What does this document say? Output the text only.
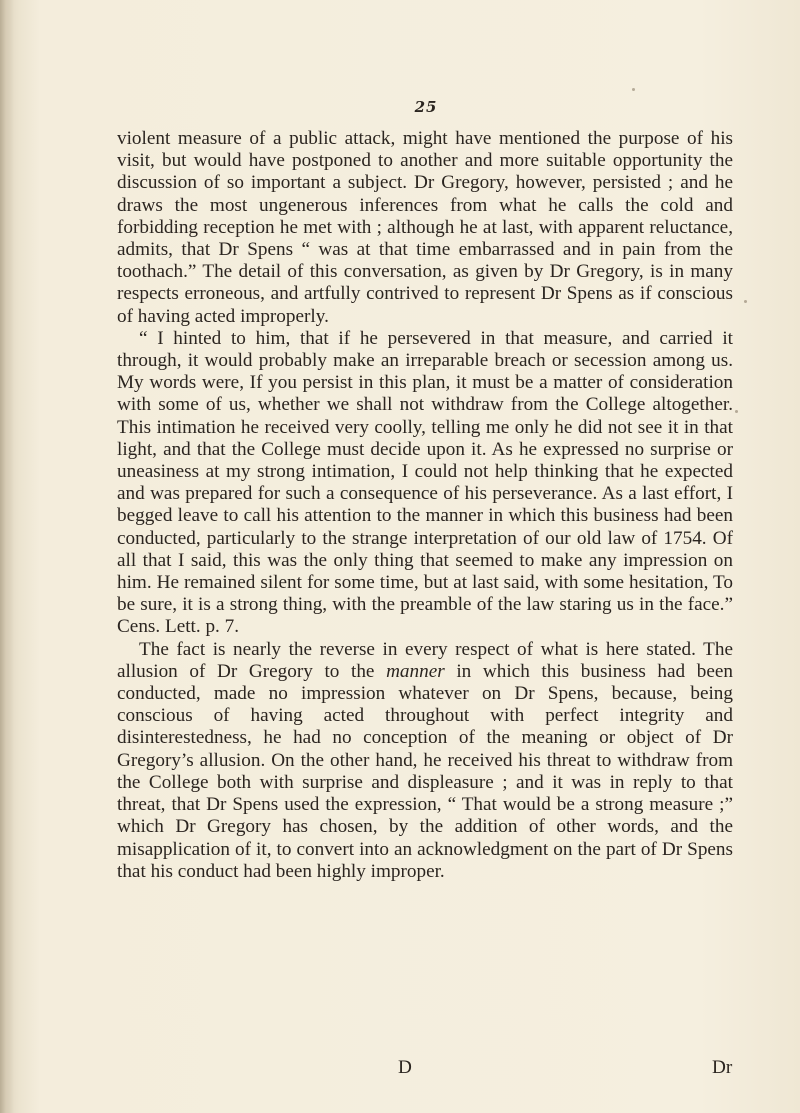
25

violent measure of a public attack, might have mentioned the purpose of his visit, but would have postponed to another and more suitable opportunity the discussion of so important a subject. Dr Gregory, however, persisted ; and he draws the most ungenerous inferences from what he calls the cold and forbidding reception he met with ; although he at last, with apparent reluctance, admits, that Dr Spens “ was at that time embarrassed and in pain from the toothach.” The detail of this conversation, as given by Dr Gregory, is in many respects erroneous, and artfully contrived to represent Dr Spens as if conscious of having acted improperly.

“ I hinted to him, that if he persevered in that measure, and carried it through, it would probably make an irreparable breach or secession among us. My words were, If you persist in this plan, it must be a matter of consideration with some of us, whether we shall not withdraw from the College altogether. This intimation he received very coolly, telling me only he did not see it in that light, and that the College must decide upon it. As he expressed no surprise or uneasiness at my strong intimation, I could not help thinking that he expected and was prepared for such a consequence of his perseverance. As a last effort, I begged leave to call his attention to the manner in which this business had been conducted, particularly to the strange interpretation of our old law of 1754. Of all that I said, this was the only thing that seemed to make any impression on him. He remained silent for some time, but at last said, with some hesitation, To be sure, it is a strong thing, with the preamble of the law staring us in the face.” Cens. Lett. p. 7.

The fact is nearly the reverse in every respect of what is here stated. The allusion of Dr Gregory to the manner in which this business had been conducted, made no impression whatever on Dr Spens, because, being conscious of having acted throughout with perfect integrity and disinterestedness, he had no conception of the meaning or object of Dr Gregory’s allusion. On the other hand, he received his threat to withdraw from the College both with surprise and displeasure ; and it was in reply to that threat, that Dr Spens used the expression, “ That would be a strong measure ;” which Dr Gregory has chosen, by the addition of other words, and the misapplication of it, to convert into an acknowledgment on the part of Dr Spens that his conduct had been highly improper.

D	Dr
